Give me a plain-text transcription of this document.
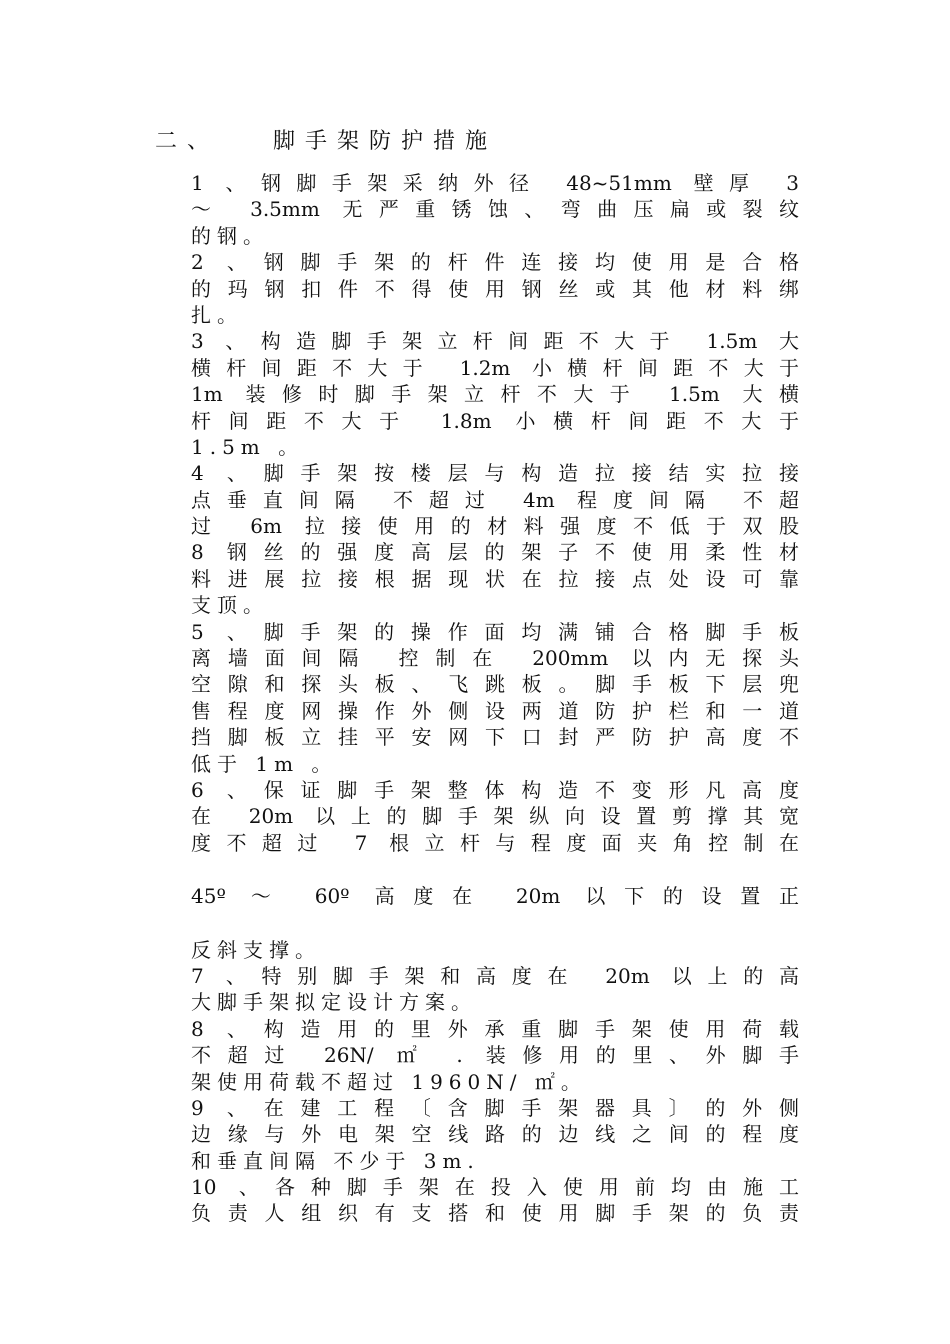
二、 脚手架防护措施
1 、钢脚手架采纳外径 48~51mm 壁厚 3
～ 3.5mm 无严重锈蚀、弯曲压扁或裂纹
的钢。
2 、钢脚手架的杆件连接均使用是合格
的玛钢扣件不得使用钢丝或其他材料绑
扎。
3 、构造脚手架立杆间距不大于 1.5m 大
横杆间距不大于 1.2m 小横杆间距不大于
1m 装修时脚手架立杆不大于 1.5m 大横
杆间距不大于 1.8m 小横杆间距不大于
1.5m 。
4 、脚手架按楼层与构造拉接结实拉接
点垂直间隔 不超过 4m 程度间隔 不超
过 6m 拉接使用的材料强度不低于双股
8 钢丝的强度高层的架子不使用柔性材
料进展拉接根据现状在拉接点处设可靠
支顶。
5 、脚手架的操作面均满铺合格脚手板
离墙面间隔 控制在 200mm 以内无探头
空隙和探头板、飞跳板。脚手板下层兜
售程度网操作外侧设两道防护栏和一道
挡脚板立挂平安网下口封严防护高度不
低于 1m 。
6 、保证脚手架整体构造不变形凡高度
在 20m 以上的脚手架纵向设置剪撑其宽
度不超过 7 根立杆与程度面夹角控制在
45º ～ 60º 高度在 20m 以下的设置正
反斜支撑。
7 、特别脚手架和高度在 20m 以上的高
大脚手架拟定设计方案。
8 、构造用的里外承重脚手架使用荷载
不超过 26N/ ㎡ . 装修用的里、外脚手
架使用荷载不超过 1960N/ ㎡。
9 、在建工程〔含脚手架器具〕的外侧
边缘与外电架空线路的边线之间的程度
和垂直间隔 不少于 3m.
10 、各种脚手架在投入使用前均由施工
负责人组织有支搭和使用脚手架的负责
